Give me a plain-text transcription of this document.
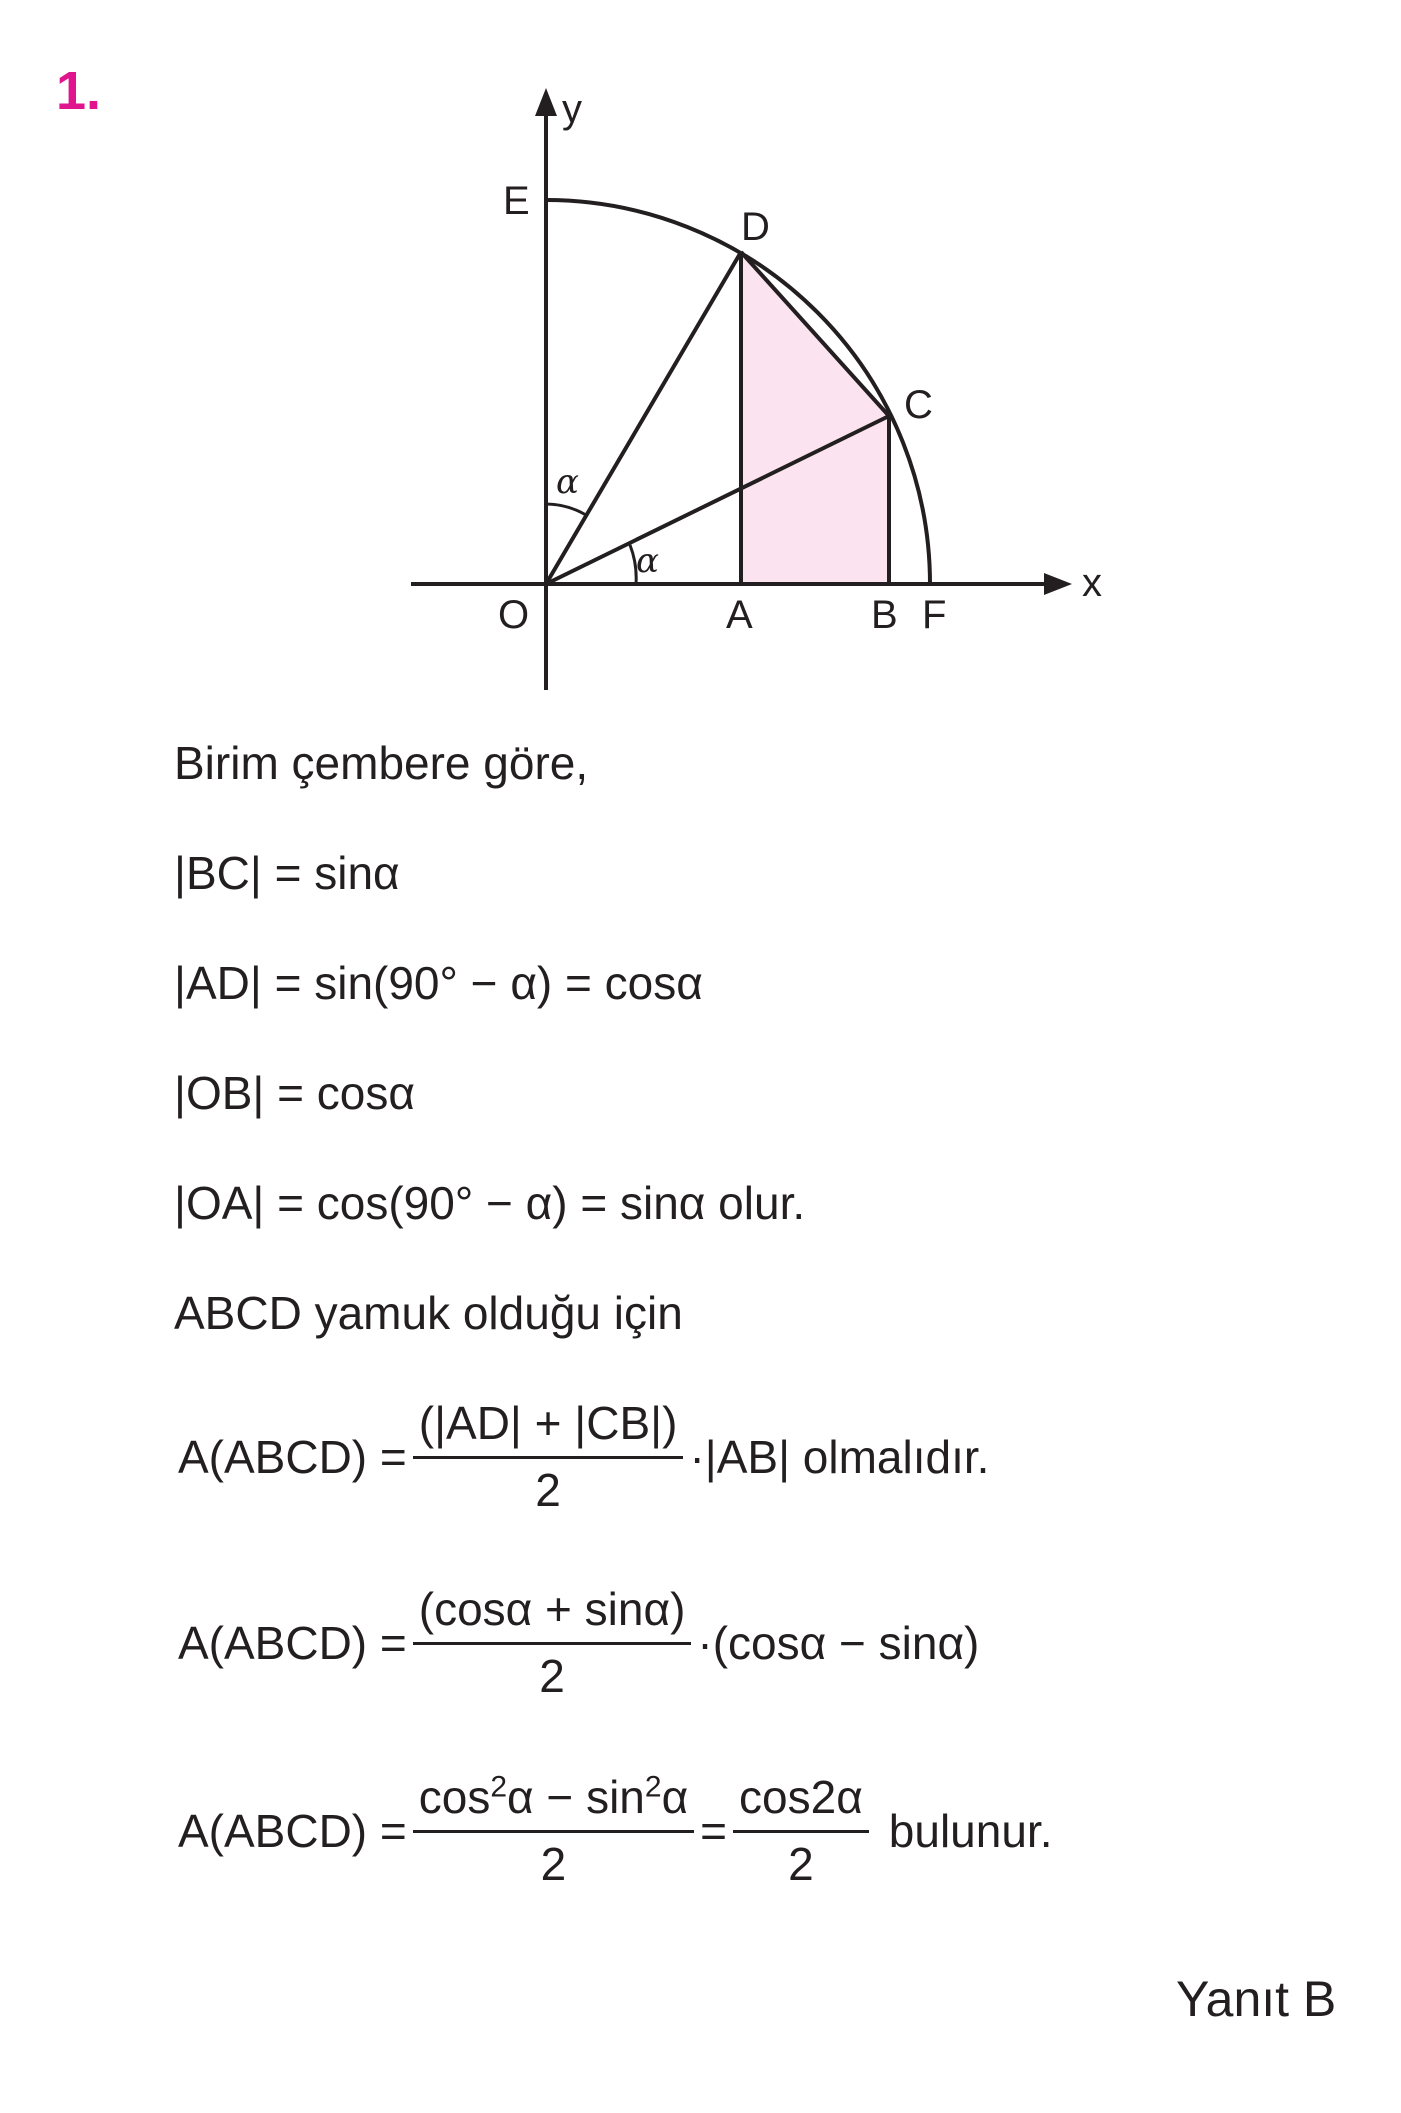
1.	y
x
E
D
C
O	A	B F
α
α
Birim çembere göre,
|BC| = sinα
|AD| = sin(90° − α) = cosα
|OB| = cosα
|OA| = cos(90° − α) = sinα olur.
ABCD yamuk olduğu için
A(ABCD) = $\frac{(|AD| + |CB|)}{2} \cdot|AB|$ olmalıdır.
A(ABCD) = $\frac{(\cos\alpha + \sin\alpha)}{2} \cdot(\cos\alpha - \sin\alpha)$
A(ABCD) = $\frac{\cos^2\alpha - \sin^2\alpha}{2} = \frac{\cos 2\alpha}{2}$ bulunur.
Yanıt B
